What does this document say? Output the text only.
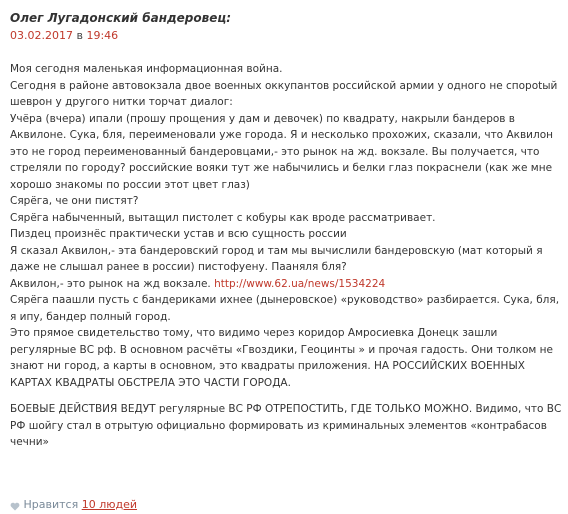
Олег Лугадонский бандеровец:
03.02.2017 в 19:46

Моя сегодня маленькая информационная война.

Сегодня в районе автовокзала двое военных оккупантов российской армии у одного не спороtый шеврон у другого нитки торчат диалог:

Учёра (вчера) ипали (прошу прощения у дам и девочек) по квадрату, накрыли бандеров в Аквилоне. Сука, бля, переименовали уже города. Я и несколько прохожих, сказали, что Аквилон это не город переименованный бандеровцами,- это рынок на жд. вокзале. Вы получается, что стреляли по городу? российские вояки тут же набычились и белки глаз покраснели (как же мне хорошо знакомы по россии этот цвет глаз)

Сярёга, че они пистят?

Сярёга набыченный, вытащил пистолет с кобуры как вроде рассматривает.

Пиздец произнёс практически устав и всю сущность россии

Я сказал Аквилон,- эта бандеровский город и там мы вычислили бандеровскую (мат который я даже не слышал ранее в россии) пистофуену. Пааняля бля?

Аквилон,- это рынок на жд вокзале. http://www.62.ua/news/1534224

Сярёга паашли пусть с бандериками ихнее (дынеровское) «руководство» разбирается. Сука, бля, я ипу, бандер полный город.

Это прямое свидетельство тому, что видимо через коридор Амросиевка Донецк зашли регулярные ВС рф. В основном расчёты «Гвоздики, Геоцинты » и прочая гадость. Они толком не знают ни город, а карты в основном, это квадраты приложения. НА РОССИЙСКИХ ВОЕННЫХ КАРТАХ КВАДРАТЫ ОБСТРЕЛА ЭТО ЧАСТИ ГОРОДА.

БОЕВЫЕ ДЕЙСТВИЯ ВЕДУТ регулярные ВС РФ ОТРЕПОСТИТЬ, ГДЕ ТОЛЬКО МОЖНО. Видимо, что ВС РФ шойгу стал в отрытую официально формировать из криминальных элементов «контрабасов чечни»

Нравится 10 людей
